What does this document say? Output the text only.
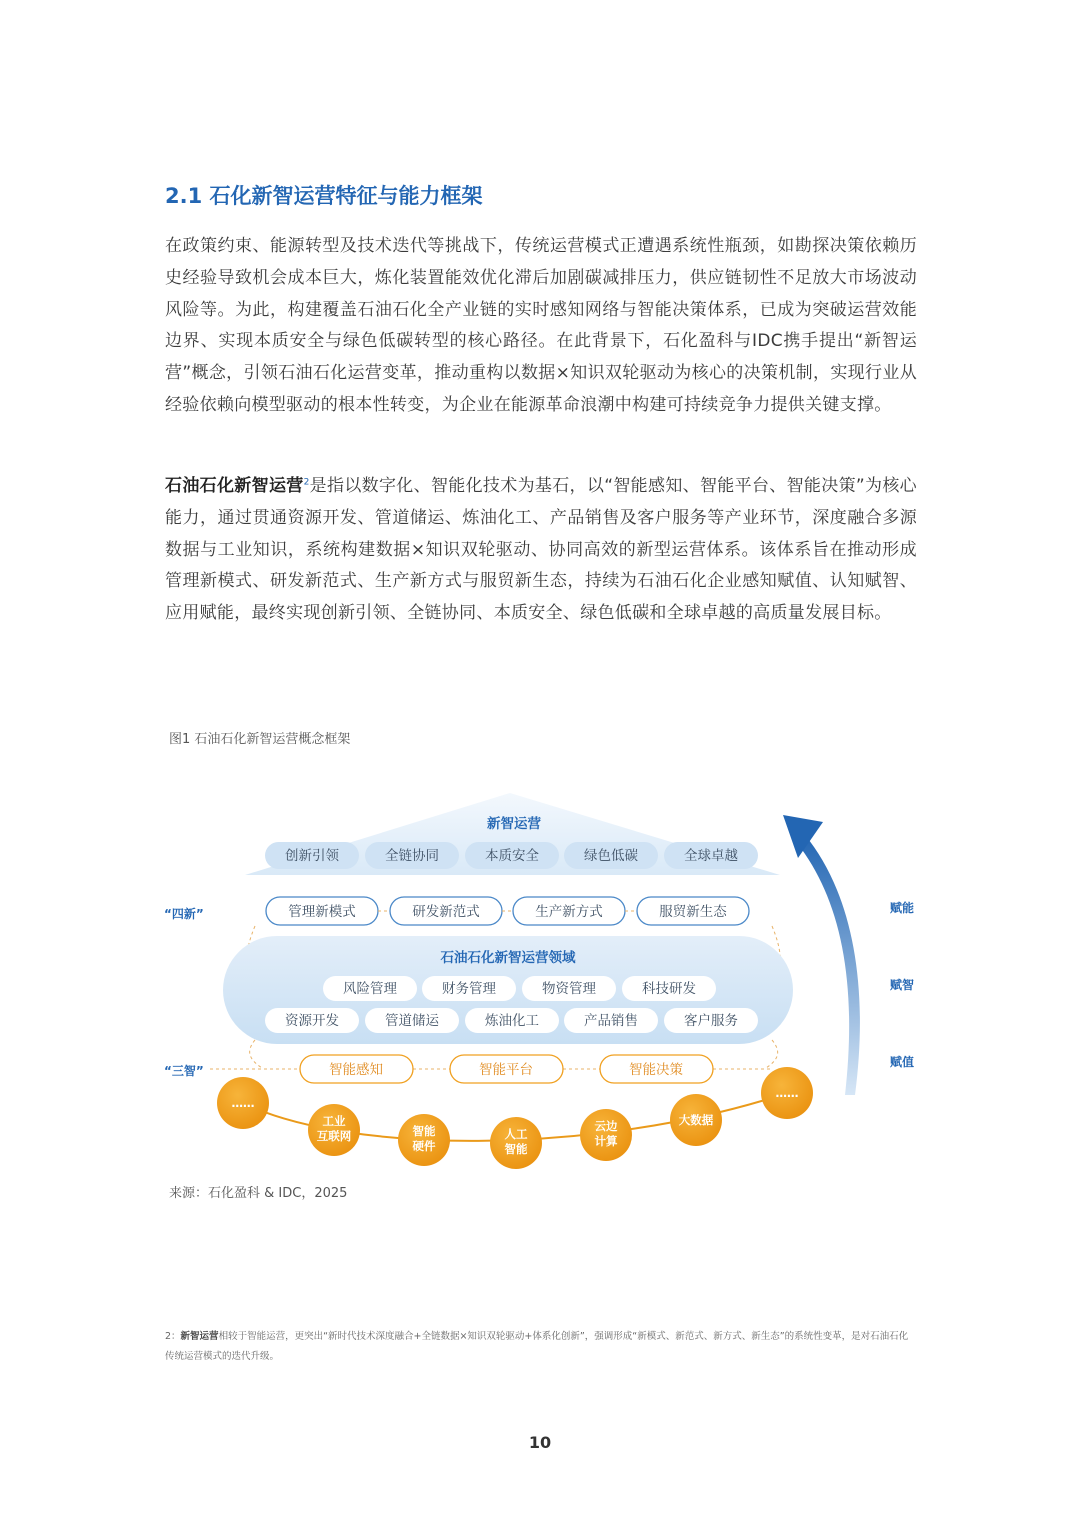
2.1 石化新智运营特征与能力框架

在政策约束、能源转型及技术迭代等挑战下，传统运营模式正遭遇系统性瓶颈，如勘探决策依赖历史经验导致机会成本巨大，炼化装置能效优化滞后加剧碳减排压力，供应链韧性不足放大市场波动风险等。为此，构建覆盖石油石化全产业链的实时感知网络与智能决策体系，已成为突破运营效能边界、实现本质安全与绿色低碳转型的核心路径。在此背景下，石化盈科与IDC携手提出“新智运营”概念，引领石油石化运营变革，推动重构以数据×知识双轮驱动为核心的决策机制，实现行业从经验依赖向模型驱动的根本性转变，为企业在能源革命浪潮中构建可持续竞争力提供关键支撑。

石油石化新智运营$^2$是指以数字化、智能化技术为基石，以“智能感知、智能平台、智能决策”为核心能力，通过贯通资源开发、管道储运、炼油化工、产品销售及客户服务等产业环节，深度融合多源数据与工业知识，系统构建数据×知识双轮驱动、协同高效的新型运营体系。该体系旨在推动形成管理新模式、研发新范式、生产新方式与服贸新生态，持续为石油石化企业感知赋值、认知赋智、应用赋能，最终实现创新引领、全链协同、本质安全、绿色低碳和全球卓越的高质量发展目标。

图1 石油石化新智运营概念框架
新智运营
创新引领	全链协同	本质安全	绿色低碳	全球卓越
“四新”	管理新模式	研发新范式	生产新方式	服贸新生态
石油石化新智运营领域
风险管理	财务管理	物资管理	科技研发
资源开发	管道储运	炼油化工	产品销售	客户服务
“三智”	智能感知	智能平台	智能决策
……
工业
互联网	智能
硬件
人工
智能
云边
计算
大数据
……
赋能
赋智
赋值
来源：石化盈科 & IDC，2025
2：新智运营相较于智能运营，更突出“新时代技术深度融合+全链数据×知识双轮驱动+体系化创新”，强调形成“新模式、新范式、新方式、新生态”的系统性变革，是对石油石化传统运营模式的迭代升级。
10
